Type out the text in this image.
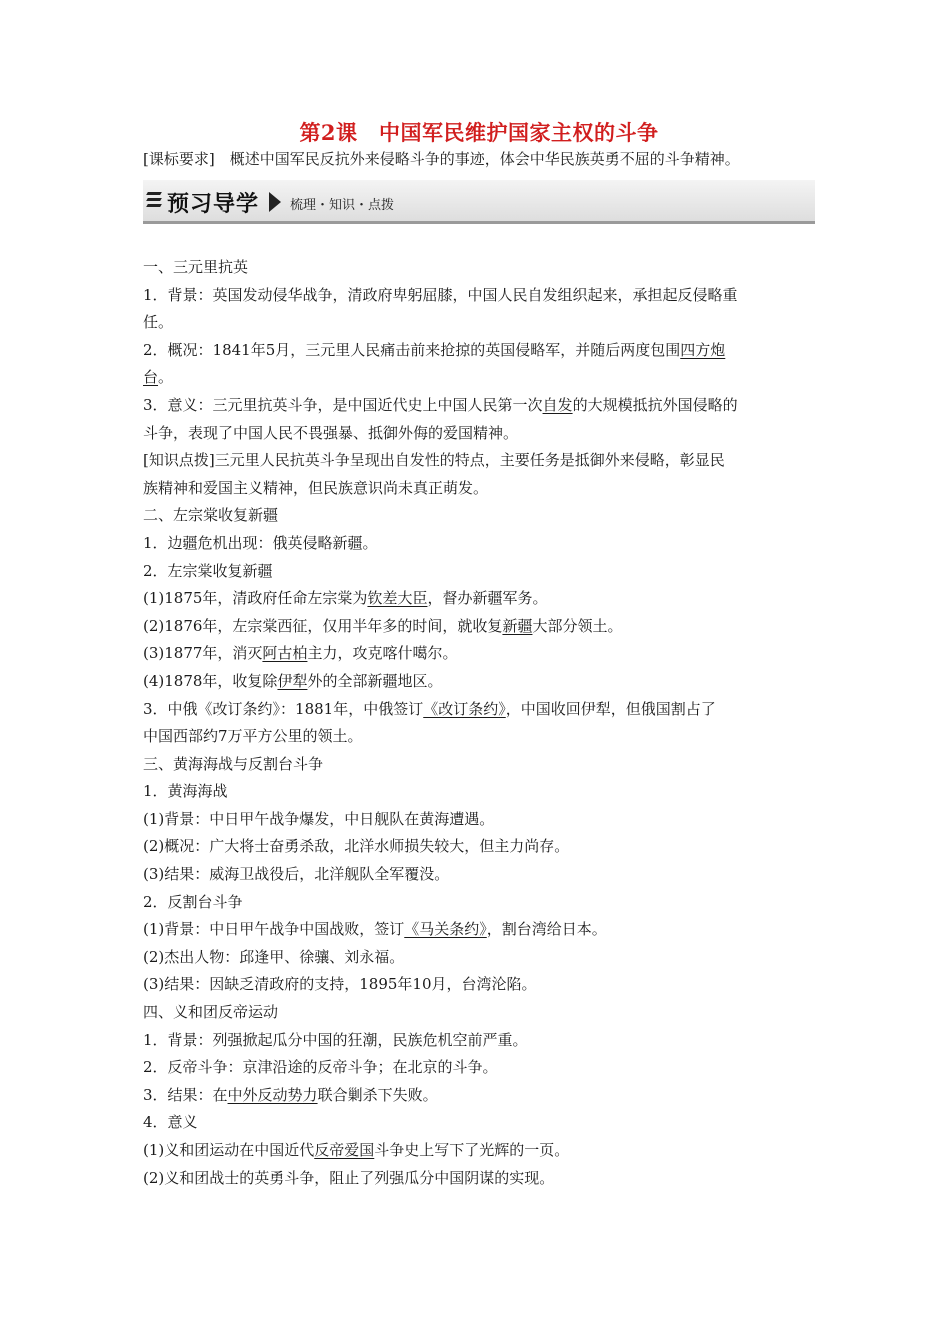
第2课　中国军民维护国家主权的斗争

[课标要求]　概述中国军民反抗外来侵略斗争的事迹，体会中华民族英勇不屈的斗争精神。

预习导学 梳理・知识・点拨

一、三元里抗英

1．背景：英国发动侵华战争，清政府卑躬屈膝，中国人民自发组织起来，承担起反侵略重

任。

2．概况：1841年5月，三元里人民痛击前来抢掠的英国侵略军，并随后两度包围四方炮

台。

3．意义：三元里抗英斗争，是中国近代史上中国人民第一次自发的大规模抵抗外国侵略的

斗争，表现了中国人民不畏强暴、抵御外侮的爱国精神。

[知识点拨]三元里人民抗英斗争呈现出自发性的特点，主要任务是抵御外来侵略，彰显民

族精神和爱国主义精神，但民族意识尚未真正萌发。

二、左宗棠收复新疆

1．边疆危机出现：俄英侵略新疆。

2．左宗棠收复新疆

(1)1875年，清政府任命左宗棠为钦差大臣，督办新疆军务。

(2)1876年，左宗棠西征，仅用半年多的时间，就收复新疆大部分领土。

(3)1877年，消灭阿古柏主力，攻克喀什噶尔。

(4)1878年，收复除伊犁外的全部新疆地区。

3．中俄《改订条约》：1881年，中俄签订《改订条约》，中国收回伊犁，但俄国割占了

中国西部约7万平方公里的领土。

三、黄海海战与反割台斗争

1．黄海海战

(1)背景：中日甲午战争爆发，中日舰队在黄海遭遇。

(2)概况：广大将士奋勇杀敌，北洋水师损失较大，但主力尚存。

(3)结果：威海卫战役后，北洋舰队全军覆没。

2．反割台斗争

(1)背景：中日甲午战争中国战败，签订《马关条约》，割台湾给日本。

(2)杰出人物：邱逢甲、徐骧、刘永福。

(3)结果：因缺乏清政府的支持，1895年10月，台湾沦陷。

四、义和团反帝运动

1．背景：列强掀起瓜分中国的狂潮，民族危机空前严重。

2．反帝斗争：京津沿途的反帝斗争；在北京的斗争。

3．结果：在中外反动势力联合剿杀下失败。

4．意义

(1)义和团运动在中国近代反帝爱国斗争史上写下了光辉的一页。

(2)义和团战士的英勇斗争，阻止了列强瓜分中国阴谋的实现。
